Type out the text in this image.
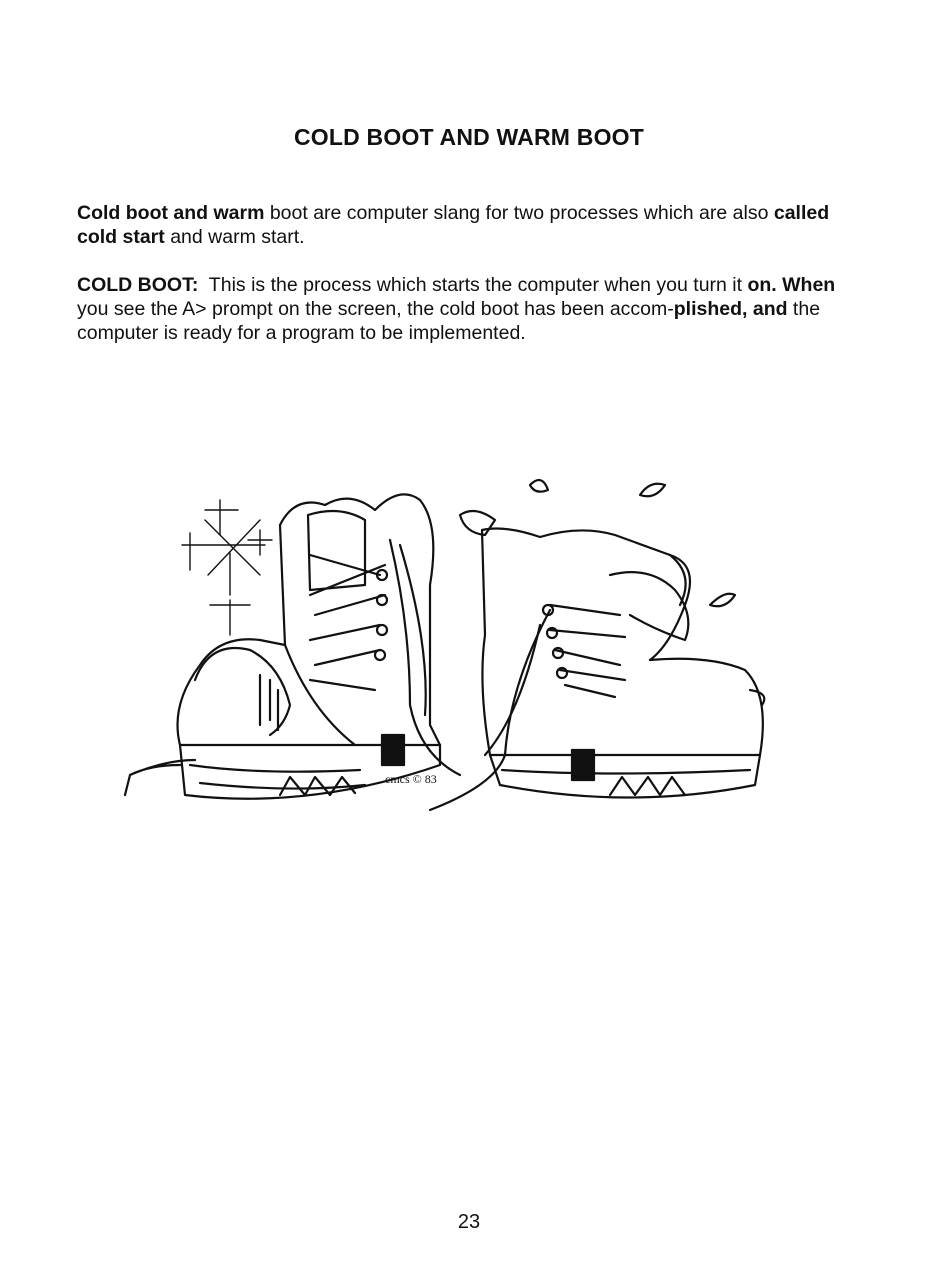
COLD BOOT AND WARM BOOT

Cold boot and warm boot are computer slang for two processes which are also called cold start and warm start.

COLD BOOT:  This is the process which starts the computer when you turn it on. When you see the A> prompt on the screen, the cold boot has been accom-plished, and the computer is ready for a program to be implemented.

cmcs © 83
23
